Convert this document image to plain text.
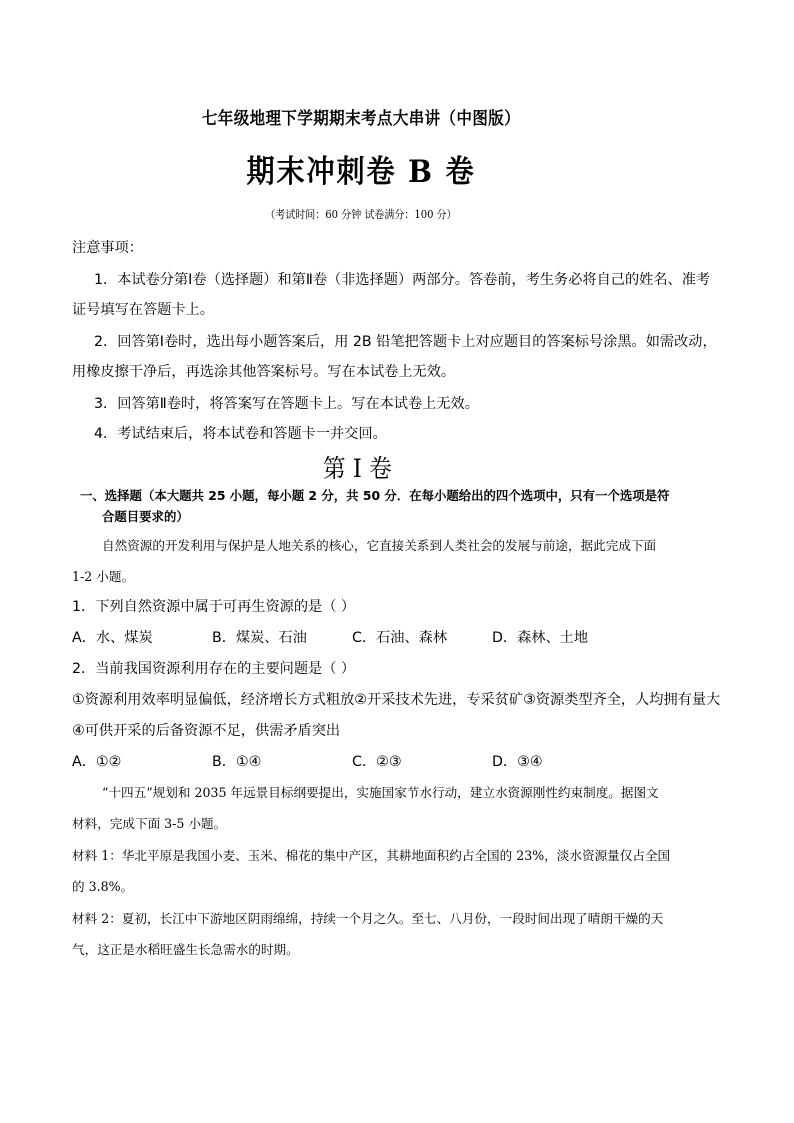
七年级地理下学期期末考点大串讲（中图版）
期末冲刺卷 B 卷
（考试时间：60 分钟 试卷满分：100 分）
注意事项：
1．本试卷分第Ⅰ卷（选择题）和第Ⅱ卷（非选择题）两部分。答卷前，考生务必将自己的姓名、准考
证号填写在答题卡上。
2．回答第Ⅰ卷时，选出每小题答案后，用 2B 铅笔把答题卡上对应题目的答案标号涂黑。如需改动，
用橡皮擦干净后，再选涂其他答案标号。写在本试卷上无效。
3．回答第Ⅱ卷时，将答案写在答题卡上。写在本试卷上无效。
4．考试结束后，将本试卷和答题卡一并交回。
第Ⅰ卷
一、选择题（本大题共 25 小题，每小题 2 分，共 50 分．在每小题给出的四个选项中，只有一个选项是符
合题目要求的）
自然资源的开发利用与保护是人地关系的核心，它直接关系到人类社会的发展与前途，据此完成下面
1-2 小题。
1．下列自然资源中属于可再生资源的是（ ）
A．水、煤炭	B．煤炭、石油	C．石油、森林	D．森林、土地
2．当前我国资源利用存在的主要问题是（ ）
①资源利用效率明显偏低，经济增长方式粗放②开采技术先进，专采贫矿③资源类型齐全，人均拥有量大
④可供开采的后备资源不足，供需矛盾突出
A．①②	B．①④	C．②③	D．③④
“十四五”规划和 2035 年远景目标纲要提出，实施国家节水行动，建立水资源刚性约束制度。据图文
材料，完成下面 3-5 小题。
材料 1：华北平原是我国小麦、玉米、棉花的集中产区，其耕地面积约占全国的 23%，淡水资源量仅占全国
的 3.8%。
材料 2：夏初，长江中下游地区阴雨绵绵，持续一个月之久。至七、八月份，一段时间出现了晴朗干燥的天
气，这正是水稻旺盛生长急需水的时期。
